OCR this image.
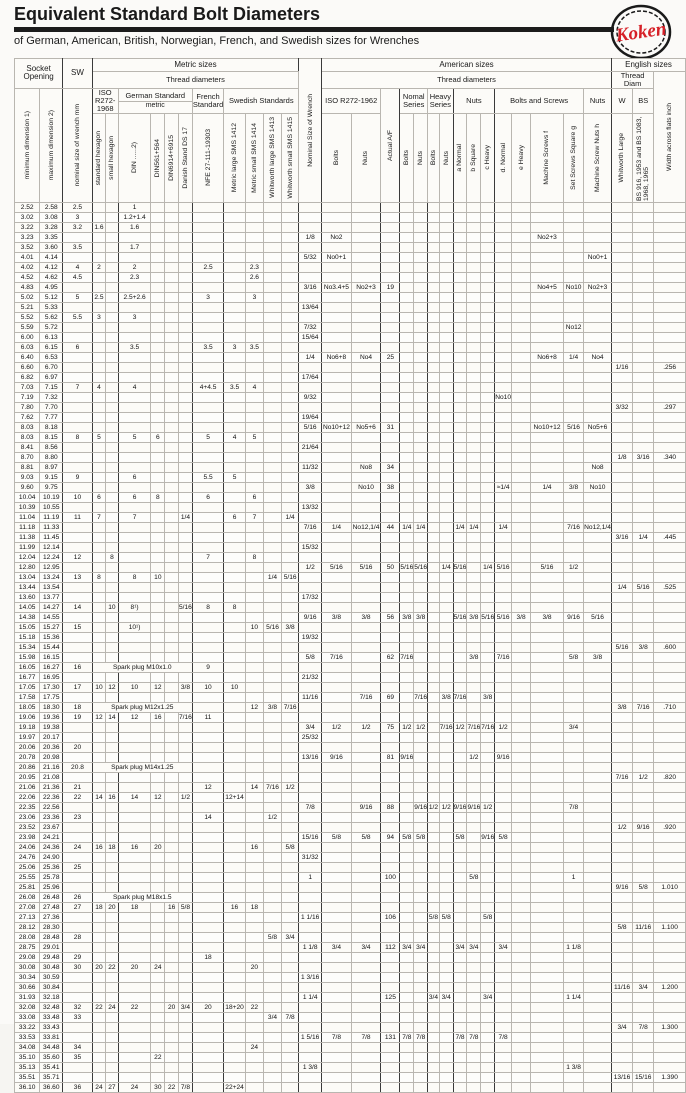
Equivalent Standard Bolt Diameters

of German, American, British, Norwegian, French, and Swedish sizes for Wrenches	Koken
Socket Opening		SW	Metric sizes											Nominal Size of Wrench	American sizes															English sizes		
			Thread diameters												Thread diameters															Thread Diam		Width across flats inch

minimum dimension 1)	maximum dimension 2)	nominal size of wrench mm	ISO R272- 1968		German Standard
metric				French Standard	Swedish Standards					ISO R272-1962		Actual A/F	Nomal Series		Heavy Series		Nuts			Bolts and Screws				Nuts	W	BS	

			standard hexagon	small hexagon	DIN ......2)	DIN561+564	DIN6914+6915	Danish Stand DS 17	NFE 27-111-19303	Metric large SMS 1412	Metric small SMS 1414	Whitworth large SMS 1413	Whitworth small SMS 1415		Bolts	Nuts		Bolts	Nuts	Bolts	Nuts	a Normal	b Square	c Heavy	d. Normal	e Heavy	Machine Screws f	Set Screws Square g	Machine Screw Nuts h	Whitworth Large	BS 916, 1953 and BS 1083, 1968, 1965	

2.52	2.58	2.5			1																											
3.02	3.08	3			1.2+1.4																											
3.22	3.28	3.2	1.6		1.6																											
3.23	3.35													1/8	No2												No2+3					
3.52	3.60	3.5			1.7																											
4.01	4.14													5/32	No0+1														No0+1			
4.02	4.12	4	2		2				2.5		2.3																					
4.52	4.62	4.5			2.3						2.6																					
4.83	4.95													3/16	No3.4+5	No2+3	19										No4+5	No10	No2+3			
5.02	5.12	5	2.5		2.5+2.6				3		3																					
5.21	5.33													13/64																		
5.52	5.62	5.5	3		3																											
5.59	5.72													7/32														No12				
6.00	6.13													15/64																		
6.03	6.15	6			3.5				3.5	3	3.5																					
6.40	6.53													1/4	No6+8	No4	25										No6+8	1/4	No4			
6.60	6.70																													1/16		.256
6.82	6.97													17/64																		
7.03	7.15	7	4		4				4+4.5	3.5	4																					
7.19	7.32													9/32											No10							
7.80	7.70																													3/32		.297
7.62	7.77													19/64																		
8.03	8.18													5/16	No10+12	No5+6	31										No10+12	5/16	No5+6			
8.03	8.15	8	5		5	6			5	4	5																					
8.41	8.56													21/64																		
8.70	8.80																													1/8	3/16	.340
8.81	8.97													11/32		No8	34												No8			
9.03	9.15	9			6				5.5	5																						
9.60	9.75													3/8		No10	38								≈1/4		1/4	3/8	No10			
10.04	10.19	10	6		6	8			6		6																					
10.39	10.55													13/32																		
11.04	11.19	11	7		7			1/4		6	7		1/4																			
11.18	11.33													7/16	1/4	No12,1/4	44	1/4	1/4			1/4	1/4		1/4			7/16	No12,1/4			
11.38	11.45																													3/16	1/4	.445
11.99	12.14													15/32																		
12.04	12.24	12		8					7		8																					
12.80	12.95													1/2	5/16	5/16	50	5/16	5/16		1/4	5/16		1/4	5/16		5/16	1/2				
13.04	13.24	13	8		8	10						1/4	5/16																			
13.44	13.54																													1/4	5/16	.525
13.60	13.77													17/32																		
14.05	14.27	14		10	8¹)			5/16	8	8																						
14.38	14.55													9/16	3/8	3/8	56	3/8	3/8			5/16	3/8	5/16	5/16	3/8	3/8	9/16	5/16			
15.05	15.27	15			10¹)						10	5/16	3/8																			
15.18	15.36													19/32																		
15.34	15.44																													5/16	3/8	.600
15.98	16.15													5/8	7/16		62	7/16					3/8		7/16			5/8	3/8			
16.05	16.27	16	Spark plug M10x1.0						9																							
16.77	16.95													21/32																		
17.05	17.30	17	10	12	10	12		3/8	10	10																						
17.58	17.75													11/16		7/16	69		7/16		3/8	7/16		3/8								
18.05	18.30	18	Spark plug M12x1.25								12	3/8	7/16																	3/8	7/16	.710
19.06	19.36	19	12	14	12	16		7/16	11																							
19.18	19.38													3/4	1/2	1/2	75	1/2	1/2		7/16	1/2	7/16	7/16	1/2			3/4				
19.97	20.17													25/32																		
20.06	20.36	20																														
20.78	20.98													13/16	9/16		81	9/16					1/2		9/16							
20.86	21.16	20.8	Spark plug M14x1.25																													
20.95	21.08																													7/16	1/2	.820
21.06	21.36	21							12		14	7/16	1/2																			
22.06	22.36	22	14	16	14	12		1/2		12+14																						
22.35	22.56													7/8		9/16	88		9/16	1/2	1/2	9/16	9/16	1/2				7/8				
23.06	23.36	23							14			1/2																				
23.52	23.67																													1/2	9/16	.920
23.98	24.21													15/16	5/8	5/8	94	5/8	5/8			5/8		9/16	5/8							
24.06	24.36	24	16	18	16	20					16		5/8																			
24.76	24.90													31/32																		
25.06	25.36	25																														
25.55	25.78													1			100						5/8					1				
25.81	25.96																													9/16	5/8	1.010
26.08	26.48	26	Spark plug M18x1.5																													
27.08	27.48	27	18	20	18		16	5/8		16	18																					
27.13	27.36													1 1/16			106			5/8	5/8			5/8								
28.12	28.30																													5/8	11/16	1.100
28.08	28.48	28										5/8	3/4																			
28.75	29.01													1 1/8	3/4	3/4	112	3/4	3/4			3/4	3/4		3/4			1 1/8				
29.08	29.48	29							18																							
30.08	30.48	30	20	22	20	24					20																					
30.34	30.59													1 3/16																		
30.66	30.84																													11/16	3/4	1.200
31.93	32.18													1 1/4			125			3/4	3/4			3/4				1 1/4				
32.08	32.48	32	22	24	22		20	3/4	20	18+20	22																					
33.08	33.48	33										3/4	7/8																			
33.22	33.43																													3/4	7/8	1.300
33.53	33.81													1 5/16	7/8	7/8	131	7/8	7/8			7/8	7/8		7/8							
34.08	34.48	34									24																					
35.10	35.60	35				22																										
35.13	35.41													1 3/8														1 3/8				
35.51	35.71																													13/16	15/16	1.390
36.10	36.60	36	24	27	24	30	22	7/8		22+24																						
